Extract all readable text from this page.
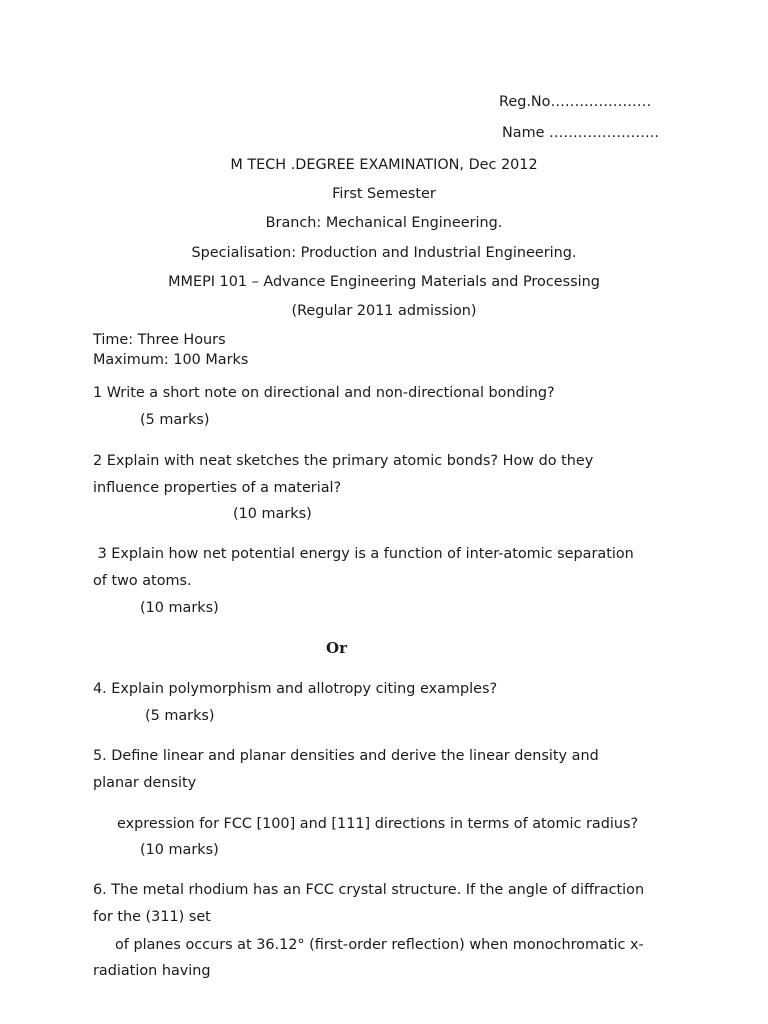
Reg.No…………………
Name …………………..
M TECH .DEGREE EXAMINATION, Dec 2012
First Semester
Branch: Mechanical Engineering.
Specialisation: Production and Industrial Engineering.
MMEPI 101 – Advance Engineering Materials and Processing
(Regular 2011 admission)
Time: Three Hours
Maximum: 100 Marks
1 Write a short note on directional and non-directional bonding?
(5 marks)
2 Explain with neat sketches the primary atomic bonds? How do they
influence properties of a material?
(10 marks)
3 Explain how net potential energy is a function of inter-atomic separation
of two atoms.
(10 marks)
Or
4. Explain polymorphism and allotropy citing examples?
(5 marks)
5. Define linear and planar densities and derive the linear density and
planar density
expression for FCC [100] and [111] directions in terms of atomic radius?
(10 marks)
6. The metal rhodium has an FCC crystal structure. If the angle of diffraction
for the (311) set
of planes occurs at 36.12° (first-order reflection) when monochromatic x-
radiation having
